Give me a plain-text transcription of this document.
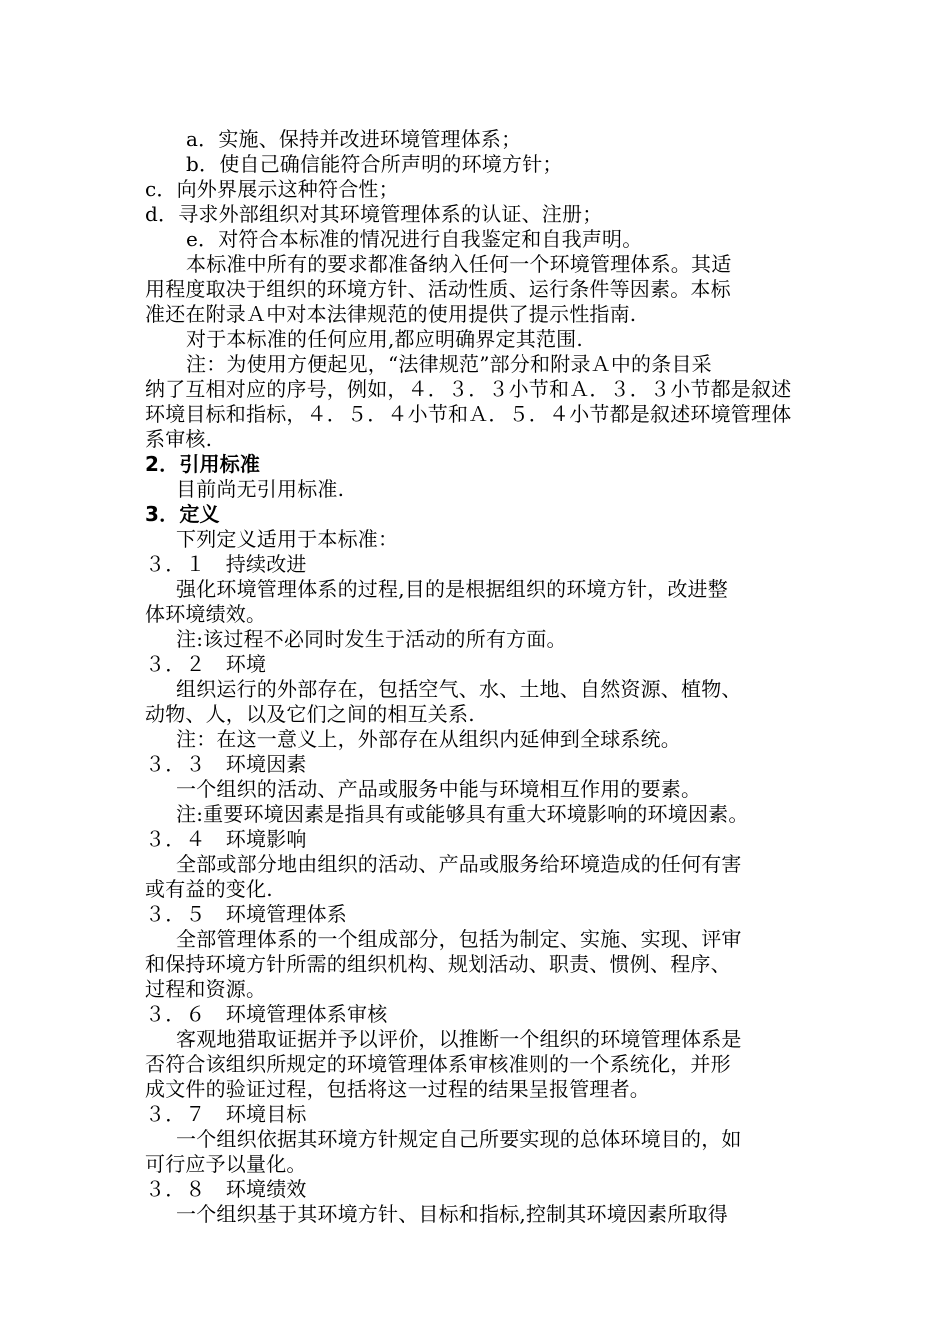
a．实施、保持并改进环境管理体系；
b．使自己确信能符合所声明的环境方针；
c．向外界展示这种符合性；
d．寻求外部组织对其环境管理体系的认证、注册；
e．对符合本标准的情况进行自我鉴定和自我声明。
本标准中所有的要求都准备纳入任何一个环境管理体系。其适
用程度取决于组织的环境方针、活动性质、运行条件等因素。本标
准还在附录Ａ中对本法律规范的使用提供了提示性指南.
对于本标准的任何应用,都应明确界定其范围.
注：为使用方便起见，“法律规范”部分和附录Ａ中的条目采
纳了互相对应的序号，例如，４．３．３小节和Ａ．３．３小节都是叙述
环境目标和指标，４．５．４小节和Ａ．５．４小节都是叙述环境管理体
系审核.
2．引用标准
目前尚无引用标准.
3．定义
下列定义适用于本标准：
３．１　持续改进
强化环境管理体系的过程,目的是根据组织的环境方针，改进整
体环境绩效。
注:该过程不必同时发生于活动的所有方面。
３．２　环境
组织运行的外部存在，包括空气、水、土地、自然资源、植物、
动物、人，以及它们之间的相互关系.
注：在这一意义上，外部存在从组织内延伸到全球系统。
３．３　环境因素
一个组织的活动、产品或服务中能与环境相互作用的要素。
注:重要环境因素是指具有或能够具有重大环境影响的环境因素。
３．４　环境影响
全部或部分地由组织的活动、产品或服务给环境造成的任何有害
或有益的变化.
３．５　环境管理体系
全部管理体系的一个组成部分，包括为制定、实施、实现、评审
和保持环境方针所需的组织机构、规划活动、职责、惯例、程序、
过程和资源。
３．６　环境管理体系审核
客观地猎取证据并予以评价，以推断一个组织的环境管理体系是
否符合该组织所规定的环境管理体系审核准则的一个系统化，并形
成文件的验证过程，包括将这一过程的结果呈报管理者。
３．７　环境目标
一个组织依据其环境方针规定自己所要实现的总体环境目的，如
可行应予以量化。
３．８　环境绩效
一个组织基于其环境方针、目标和指标,控制其环境因素所取得
